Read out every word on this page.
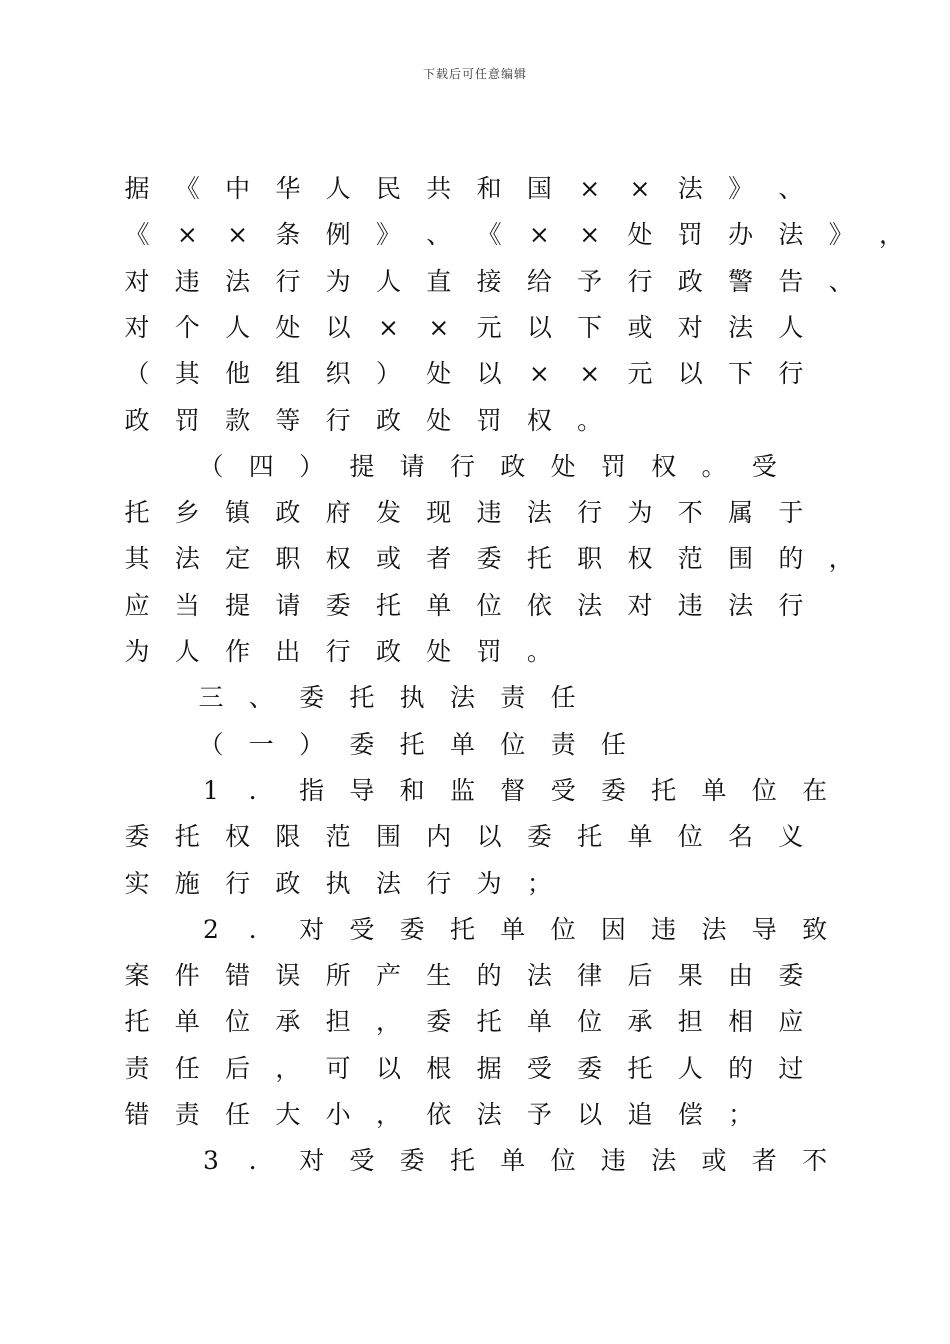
下载后可任意编辑
据 《 中 华 人 民 共 和 国 × × 法 》 、
《 × × 条 例 》 、 《 × × 处 罚 办 法 》 ，
对 违 法 行 为 人 直 接 给 予 行 政 警 告 、
对 个 人 处 以 × × 元 以 下 或 对 法 人
（ 其 他 组 织 ） 处 以 × × 元 以 下 行
政 罚 款 等 行 政 处 罚 权 。
（ 四 ） 提 请 行 政 处 罚 权 。 受
托 乡 镇 政 府 发 现 违 法 行 为 不 属 于
其 法 定 职 权 或 者 委 托 职 权 范 围 的 ，
应 当 提 请 委 托 单 位 依 法 对 违 法 行
为 人 作 出 行 政 处 罚 。
三 、 委 托 执 法 责 任
（ 一 ） 委 托 单 位 责 任
1 ． 指 导 和 监 督 受 委 托 单 位 在
委 托 权 限 范 围 内 以 委 托 单 位 名 义
实 施 行 政 执 法 行 为 ；
2 ． 对 受 委 托 单 位 因 违 法 导 致
案 件 错 误 所 产 生 的 法 律 后 果 由 委
托 单 位 承 担 ， 委 托 单 位 承 担 相 应
责 任 后 ， 可 以 根 据 受 委 托 人 的 过
错 责 任 大 小 ， 依 法 予 以 追 偿 ；
3 ． 对 受 委 托 单 位 违 法 或 者 不
